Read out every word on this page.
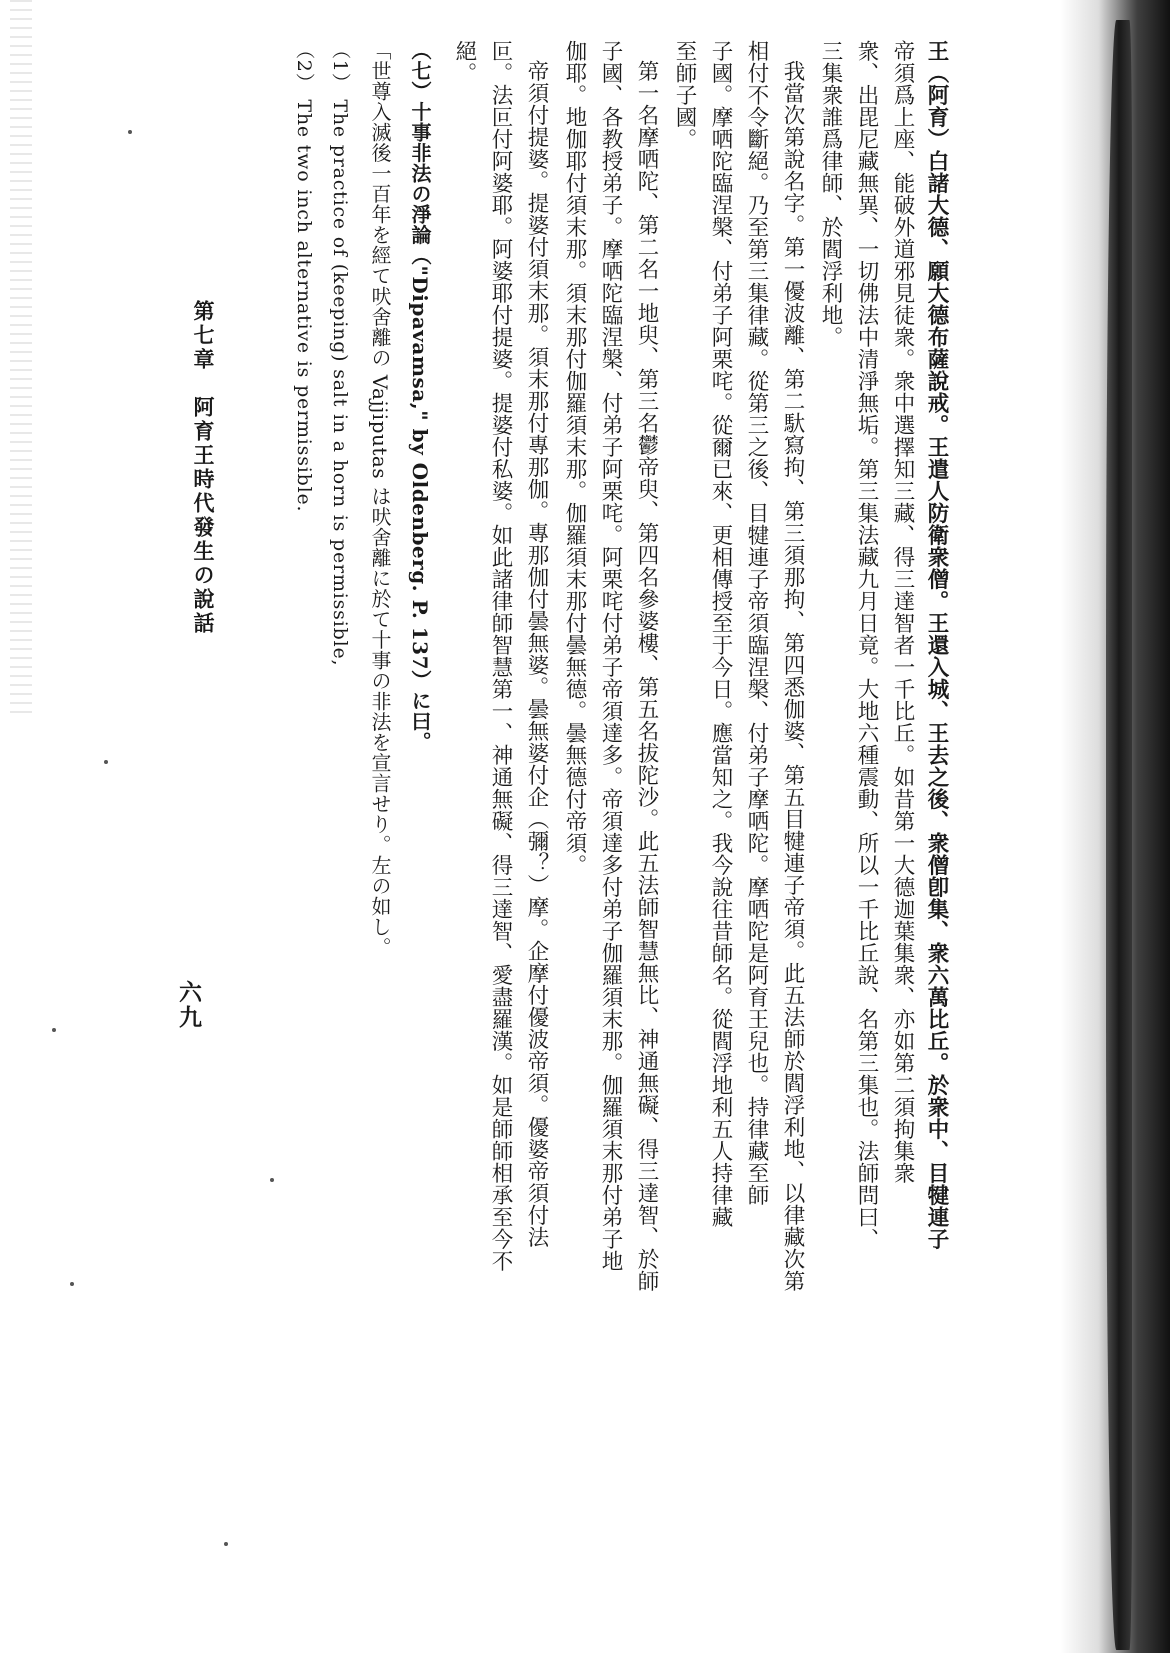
王（阿育）白諸大德、願大德布薩說戒。王遣人防衛衆僧。王還入城、王去之後、衆僧卽集、衆六萬比丘。於衆中、目犍連子
帝須爲上座、能破外道邪見徒衆。衆中選擇知三藏、得三達智者一千比丘。如昔第一大德迦葉集衆、亦如第二須拘集衆
衆、出毘尼藏無異、一切佛法中清淨無垢。第三集法藏九月日竟。大地六種震動、所以一千比丘說、名第三集也。法師問曰、
三集衆誰爲律師、於閻浮利地。
我當次第說名字。第一優波離、第二馱寫拘、第三須那拘、第四悉伽婆、第五目犍連子帝須。此五法師於閻浮利地、以律藏次第
相付不令斷絕。乃至第三集律藏。從第三之後、目犍連子帝須臨涅槃、付弟子摩哂陀。摩哂陀是阿育王兒也。持律藏至師
子國。摩哂陀臨涅槃、付弟子阿栗咤。從爾已來、更相傳授至于今日。應當知之。我今說往昔師名。從閻浮地利五人持律藏
至師子國。
第一名摩哂陀、第二名一地臾、第三名鬱帝臾、第四名參婆樓、第五名拔陀沙。此五法師智慧無比、神通無礙、得三達智、於師
子國、各教授弟子。摩哂陀臨涅槃、付弟子阿栗咤。阿栗咤付弟子帝須達多。帝須達多付弟子伽羅須末那。伽羅須末那付弟子地
伽耶。地伽耶付須末那。須末那付伽羅須末那。伽羅須末那付曇無德。曇無德付帝須。
帝須付提婆。提婆付須末那。須末那付專那伽。專那伽付曇無婆。曇無婆付企（彌？）摩。企摩付優波帝須。優婆帝須付法
叵。法叵付阿婆耶。阿婆耶付提婆。提婆付私婆。如此諸律師智慧第一、神通無礙、得三達智、愛盡羅漢。如是師師相承至今不
絕。
（七）十事非法の淨論（"Dipavamsa," by Oldenberg. P. 137）に曰。
「世尊入滅後一百年を經て吠舍離の Vajjiputas は吠舍離に於て十事の非法を宣言せり。左の如し。
（1） The practice of (keeping) salt in a horn is permissible,
（2） The two inch alternative is permissible.
第七章　阿育王時代發生の說話
六九
